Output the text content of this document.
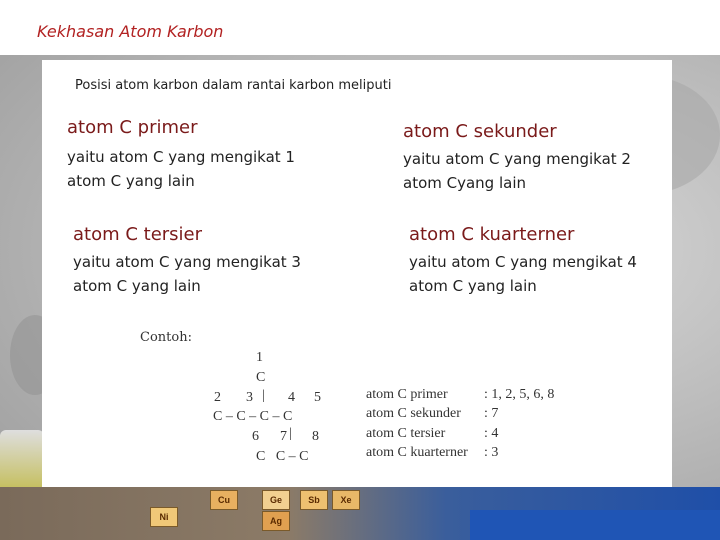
Kekhasan Atom Karbon
Cu
Ni
Ge
Ag
Sb	Xe
Posisi atom karbon dalam rantai karbon meliputi
atom C primer
yaitu atom C yang mengikat 1
atom C yang lain
atom C sekunder
yaitu atom C yang mengikat 2
atom Cyang lain
atom C tersier
yaitu atom C yang mengikat 3
atom C yang lain
atom C kuarterner
yaitu atom C yang mengikat 4
atom C yang lain
Contoh:
1
C
2 3 | 4 5
C – C – C – C
6 7 | 8
C   C – C
atom C primer	: 1, 2, 5, 6, 8
atom C sekunder : 7
atom C tersier	: 4
atom C kuarterner : 3
